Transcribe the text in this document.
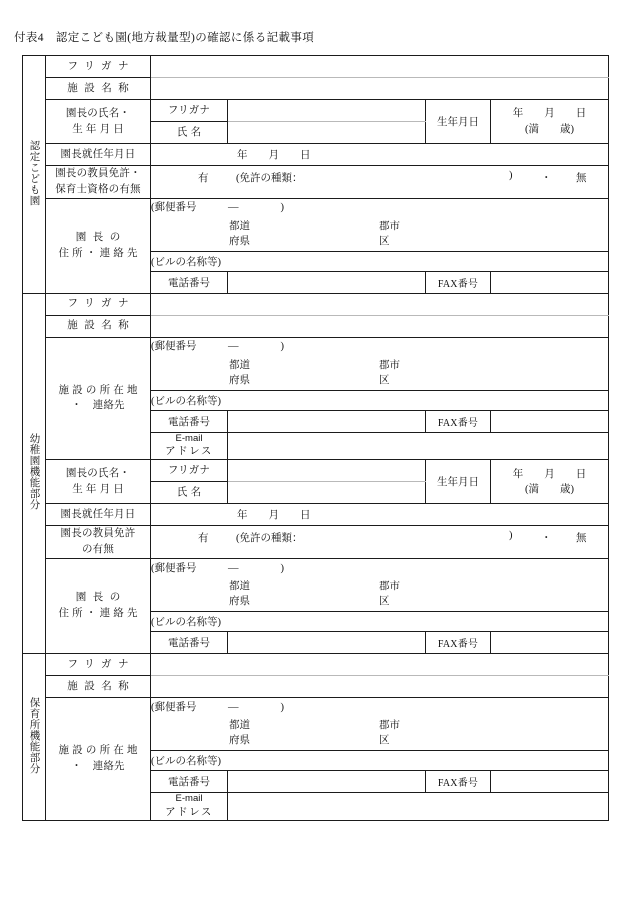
付表4　認定こども園(地方裁量型)の確認に係る記載事項
認定こども園	フリガナ				

	施設名称				

	園長の氏名・
生年月日	フリガナ		生年月日	年　　月　　日
(満　　歳)

		氏名			

	園長就任年月日	年　　月　　日			

	園長の教員免許・
保育士資格の有無	有 (免許の種類： ) ・ 無			

	園長の
住所・連絡先	(郵便番号　　　—　　　　)
都道
府県
郡市
区			

		(ビルの名称等)			
		電話番号		FAX番号	
幼稚園機能部分	フリガナ				

	施設名称				

	施設の所在地
・　連絡先	(郵便番号　　　—　　　　)
都道
府県
郡市
区			

		(ビルの名称等)			
		電話番号		FAX番号	

		E-mail
アドレス			

	園長の氏名・
生年月日	フリガナ		生年月日	年　　月　　日
(満　　歳)

		氏名			

	園長就任年月日	年　　月　　日			

	園長の教員免許
の有無	有 (免許の種類： ) ・ 無			

	園長の
住所・連絡先	(郵便番号　　　—　　　　)
都道
府県
郡市
区			

		(ビルの名称等)			
		電話番号		FAX番号	
保育所機能部分	フリガナ				

	施設名称				

	施設の所在地
・　連絡先	(郵便番号　　　—　　　　)
都道
府県
郡市
区			

		(ビルの名称等)			
		電話番号		FAX番号	

		E-mail
アドレス			
